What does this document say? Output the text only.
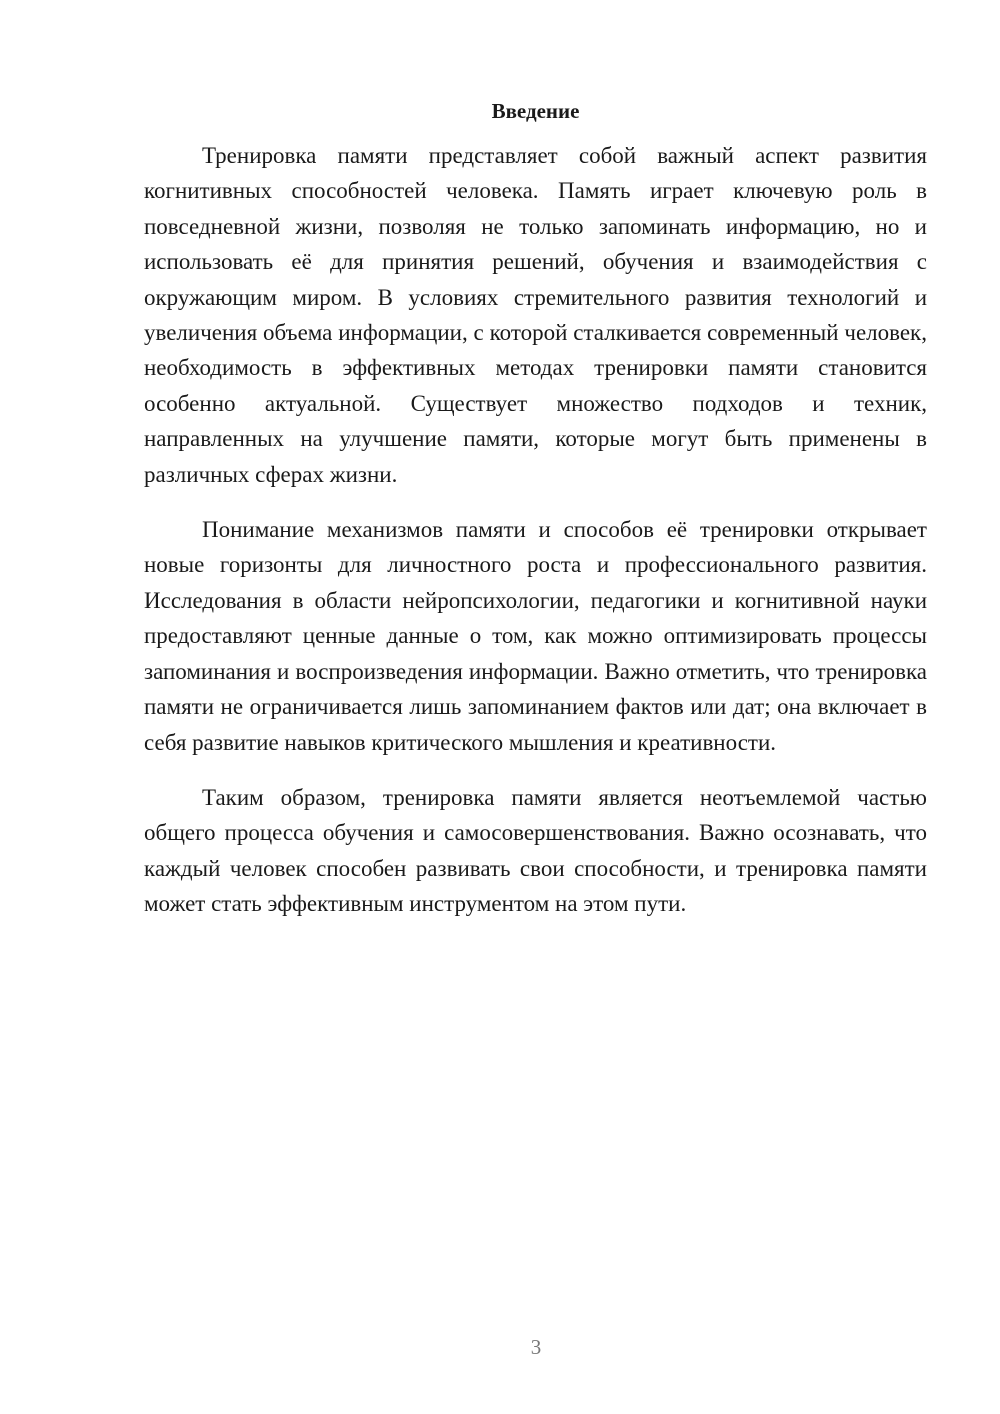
Введение

Тренировка памяти представляет собой важный аспект развития когнитивных способностей человека. Память играет ключевую роль в повседневной жизни, позволяя не только запоминать информацию, но и использовать её для принятия решений, обучения и взаимодействия с окружающим миром. В условиях стремительного развития технологий и увеличения объема информации, с которой сталкивается современный человек, необходимость в эффективных методах тренировки памяти становится особенно актуальной. Существует множество подходов и техник, направленных на улучшение памяти, которые могут быть применены в различных сферах жизни.

Понимание механизмов памяти и способов её тренировки открывает новые горизонты для личностного роста и профессионального развития. Исследования в области нейропсихологии, педагогики и когнитивной науки предоставляют ценные данные о том, как можно оптимизировать процессы запоминания и воспроизведения информации. Важно отметить, что тренировка памяти не ограничивается лишь запоминанием фактов или дат; она включает в себя развитие навыков критического мышления и креативности.

Таким образом, тренировка памяти является неотъемлемой частью общего процесса обучения и самосовершенствования. Важно осознавать, что каждый человек способен развивать свои способности, и тренировка памяти может стать эффективным инструментом на этом пути.

3
